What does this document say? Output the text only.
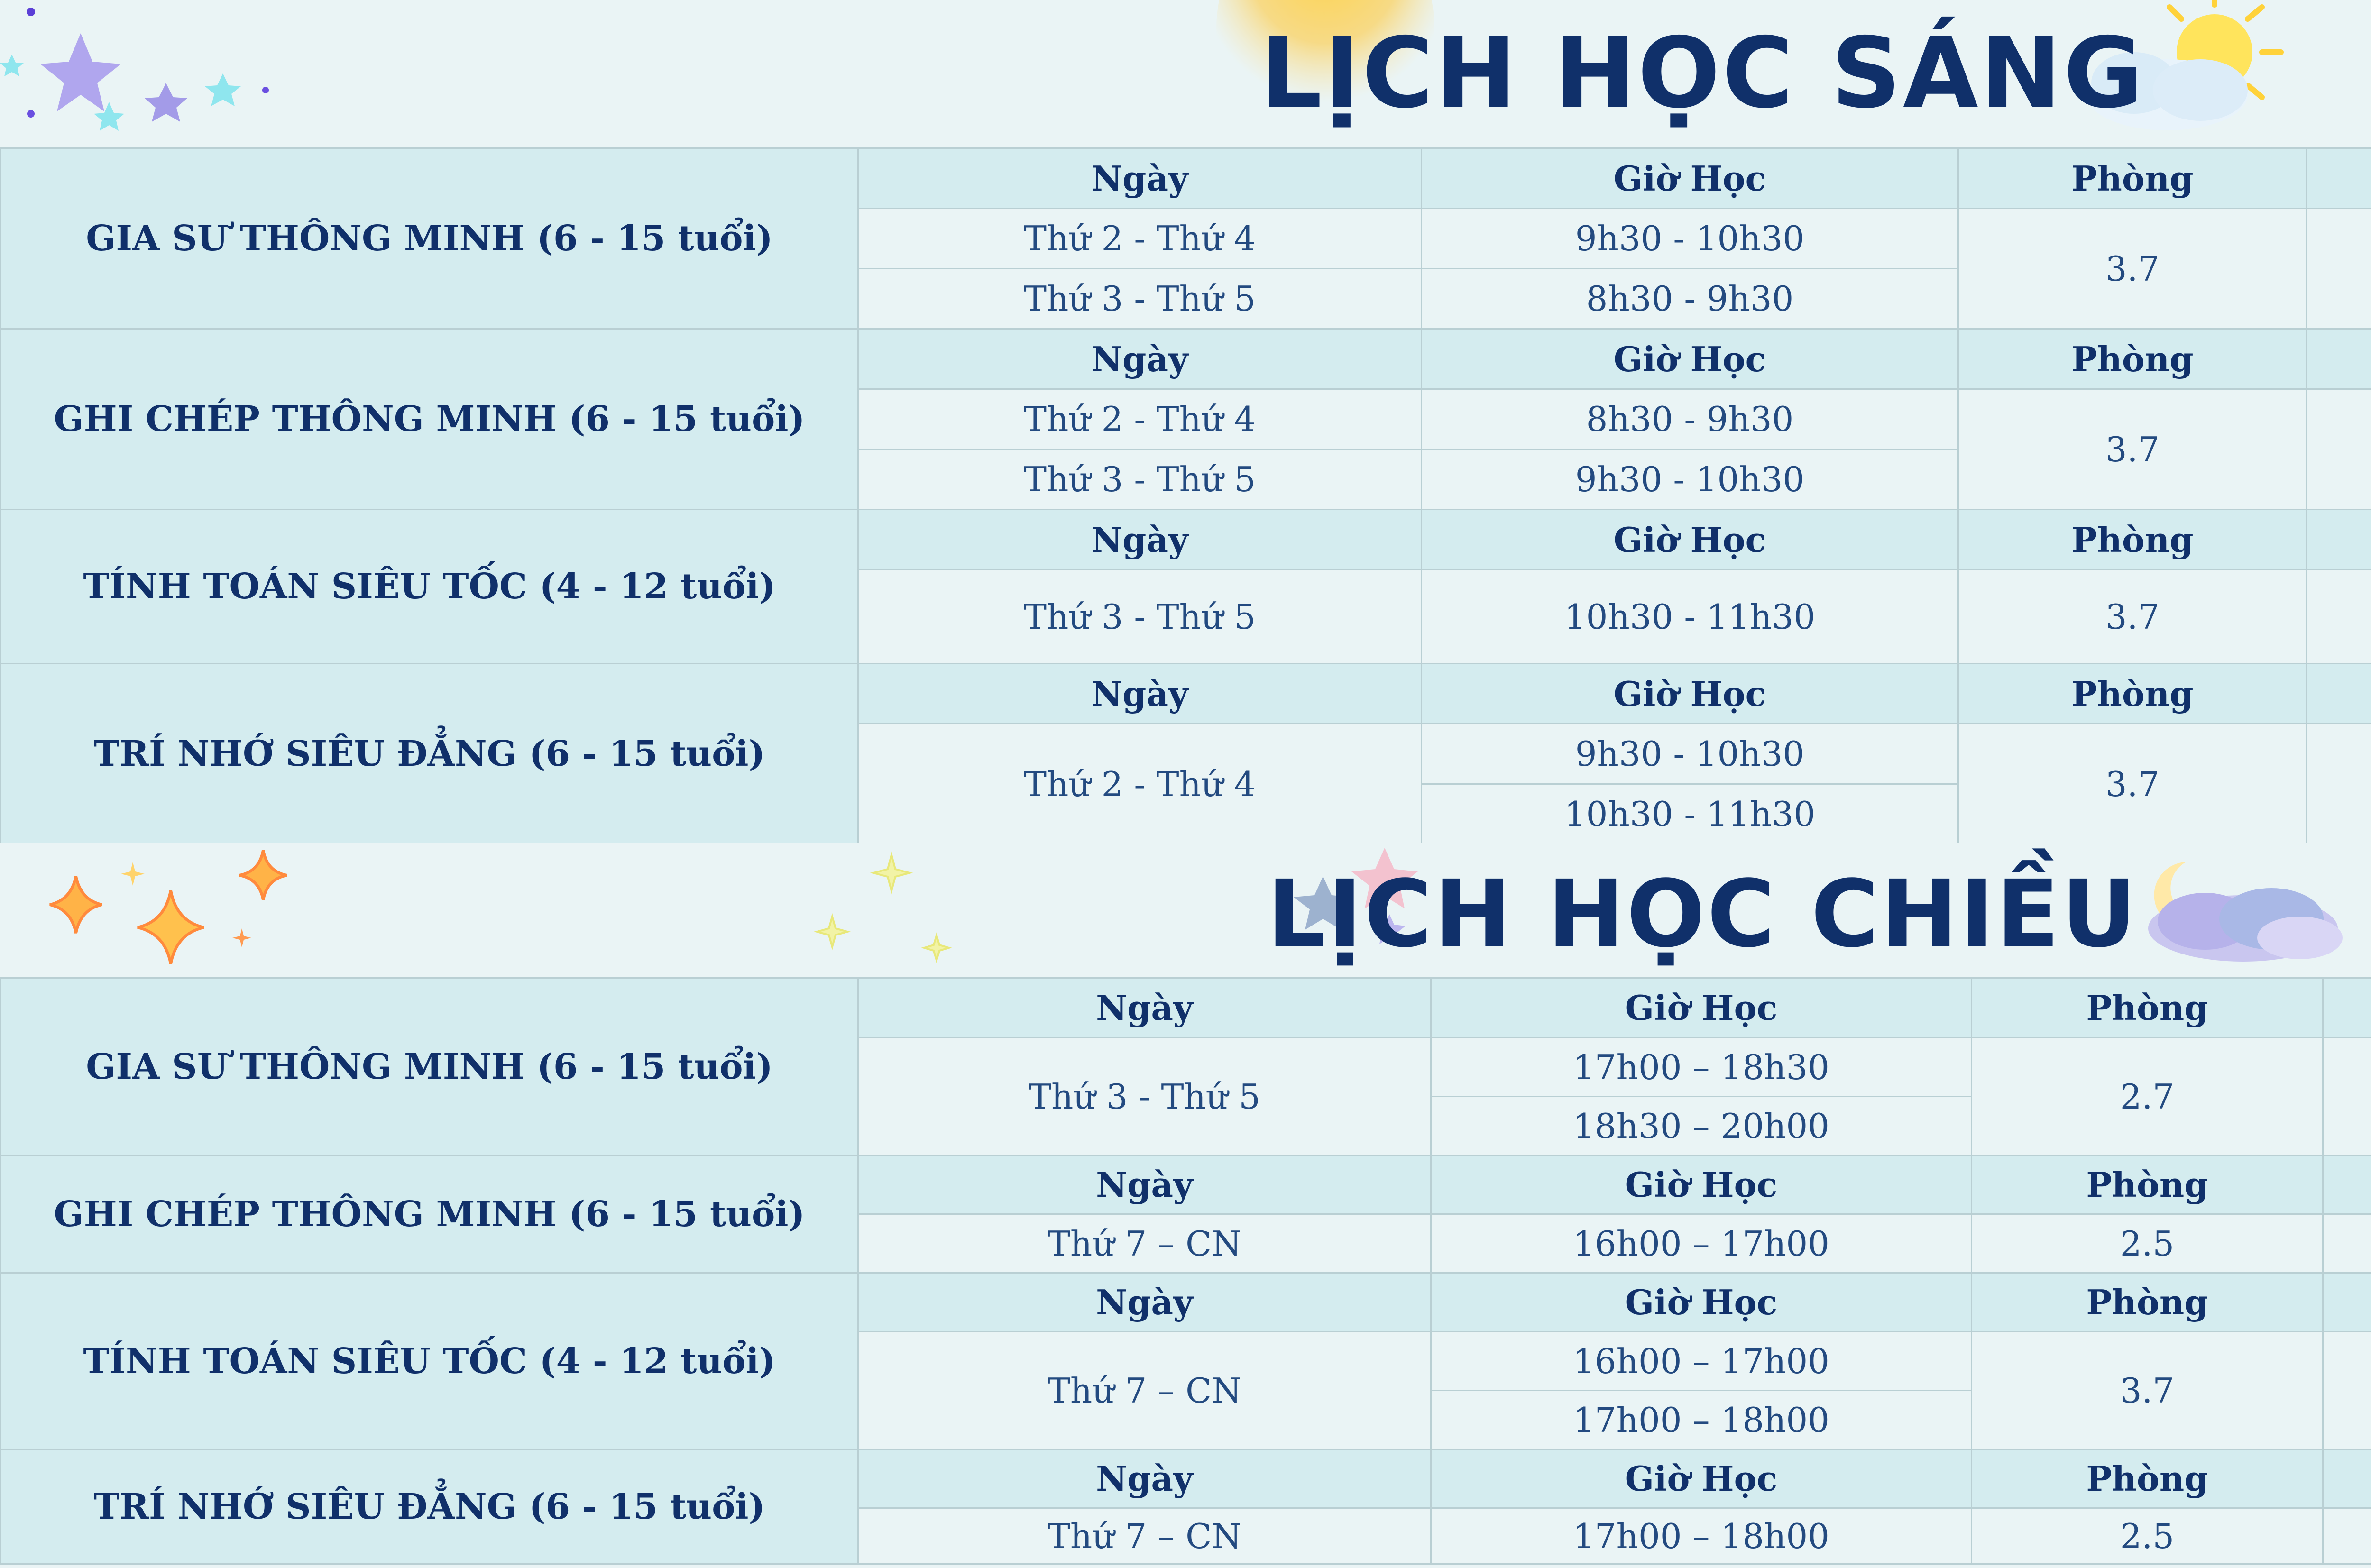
LỊCH HỌC SÁNG
GIA SƯ THÔNG MINH (6 - 15 tuổi)	Ngày	Giờ Học	Phòng		
	Thứ 2 - Thứ 4	9h30 - 10h30	3.7		
	Thứ 3 - Thứ 5	8h30 - 9h30			
GHI CHÉP THÔNG MINH (6 - 15 tuổi)	Ngày	Giờ Học	Phòng		
	Thứ 2 - Thứ 4	8h30 - 9h30	3.7		
	Thứ 3 - Thứ 5	9h30 - 10h30			
TÍNH TOÁN SIÊU TỐC (4 - 12 tuổi)	Ngày	Giờ Học	Phòng		
	Thứ 3 - Thứ 5	10h30 - 11h30	3.7		
TRÍ NHỚ SIÊU ĐẲNG (6 - 15 tuổi)	Ngày	Giờ Học	Phòng		
	Thứ 2 - Thứ 4	9h30 - 10h30	3.7		
		10h30 - 11h30			
LỊCH HỌC CHIỀU
GIA SƯ THÔNG MINH (6 - 15 tuổi)	Ngày	Giờ Học	Phòng		
	Thứ 3 - Thứ 5	17h00 – 18h30	2.7		
		18h30 – 20h00			
GHI CHÉP THÔNG MINH (6 - 15 tuổi)	Ngày	Giờ Học	Phòng		
	Thứ 7 – CN	16h00 – 17h00	2.5		
TÍNH TOÁN SIÊU TỐC (4 - 12 tuổi)	Ngày	Giờ Học	Phòng		
	Thứ 7 – CN	16h00 – 17h00	3.7		
		17h00 – 18h00			
TRÍ NHỚ SIÊU ĐẲNG (6 - 15 tuổi)	Ngày	Giờ Học	Phòng		
	Thứ 7 – CN	17h00 – 18h00	2.5		
